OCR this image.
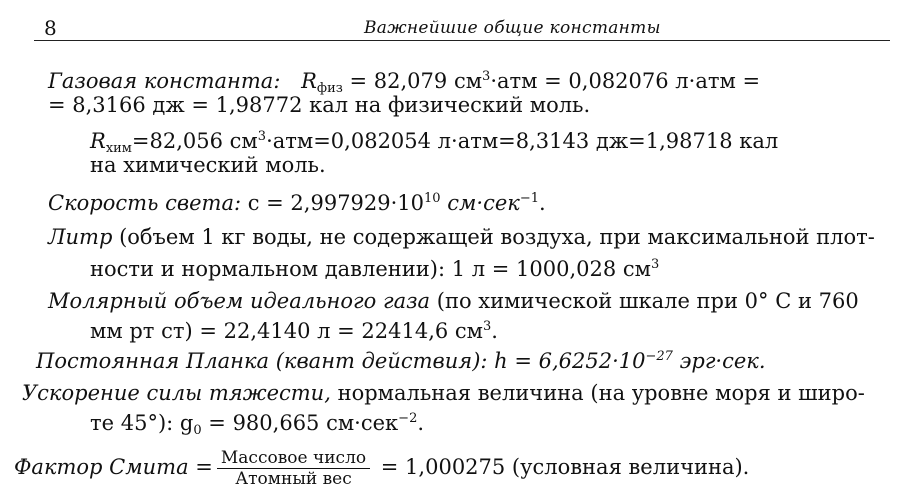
8	Важнейшие общие константы
Газовая константа: $R_{физ} = 82,079$ $см^3\cdot атм = 0,082076$ л·атм =
= 8,3166 дж = 1,98772 кал на физический моль.
$R_{хим}=82,056$ $см^3\cdot атм=0,082054$ л·атм=8,3143 дж=1,98718 кал
на химический моль.
Скорость света: $c = 2,997929\cdot 10^{10}$ см·сек$^{-1}$.
Литр (объем 1 кг воды, не содержащей воздуха, при максимальной плот-
ности и нормальном давлении): 1 л = 1000,028 $см^3$
Молярный объем идеального газа (по химической шкале при 0° C и 760
мм рт ст) = 22,4140 л = 22414,6 $см^3$.
Постоянная Планка (квант действия): $h = 6,6252\cdot 10^{-27}$ эрг·сек.
Ускорение силы тяжести, нормальная величина (на уровне моря и широ-
те 45°): $g_0 = 980,665$ см·сек$^{-2}$.
Фактор Смита = $\frac{\text{Массовое число}}{\text{Атомный вес}} = 1,000275$ (условная величина).
